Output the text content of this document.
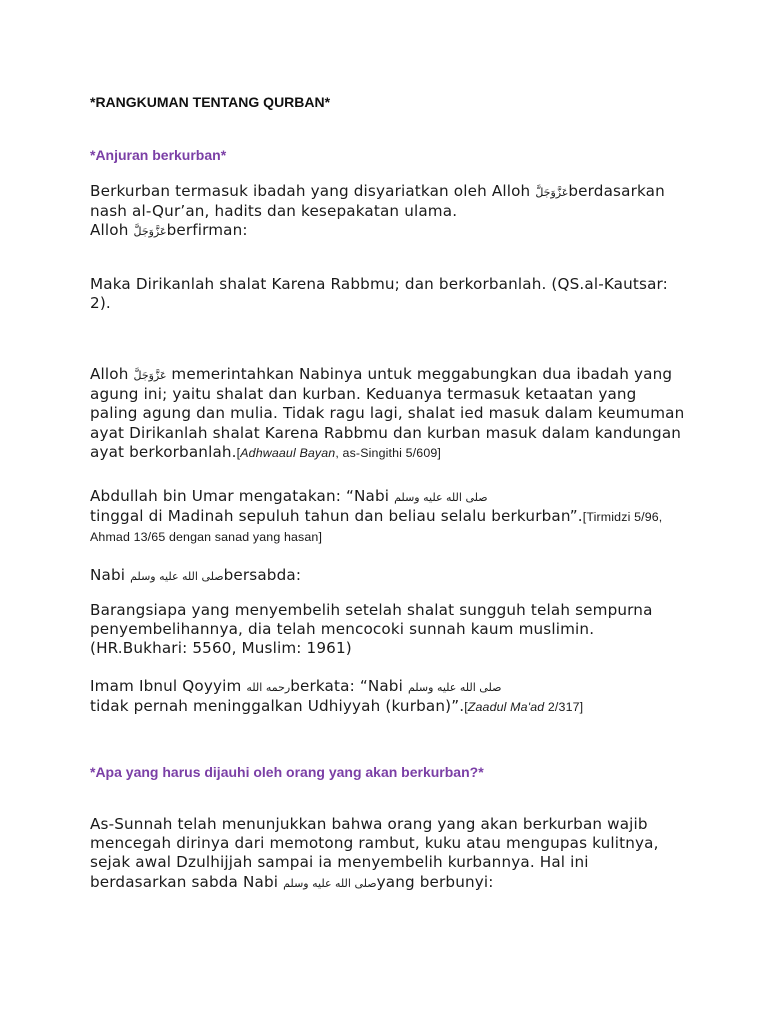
*RANGKUMAN TENTANG QURBAN*
*Anjuran berkurban*

Berkurban termasuk ibadah yang disyariatkan oleh Alloh عَزَّوَجَلَّberdasarkan
nash al-Qur’an, hadits dan kesepakatan ulama.
Alloh عَزَّوَجَلَّberfirman:

Maka Dirikanlah shalat Karena Rabbmu; dan berkorbanlah. (QS.al-Kautsar:
2).

Alloh عَزَّوَجَلَّ memerintahkan Nabinya untuk meggabungkan dua ibadah yang
agung ini; yaitu shalat dan kurban. Keduanya termasuk ketaatan yang
paling agung dan mulia. Tidak ragu lagi, shalat ied masuk dalam keumuman
ayat Dirikanlah shalat Karena Rabbmu dan kurban masuk dalam kandungan
ayat berkorbanlah.[Adhwaaul Bayan, as-Singithi 5/609]

Abdullah bin Umar mengatakan: “Nabi صلى الله عليه وسلم
tinggal di Madinah sepuluh tahun dan beliau selalu berkurban”.[Tirmidzi 5/96,
Ahmad 13/65 dengan sanad yang hasan]

Nabi صلى الله عليه وسلمbersabda:

Barangsiapa yang menyembelih setelah shalat sungguh telah sempurna
penyembelihannya, dia telah mencocoki sunnah kaum muslimin.
(HR.Bukhari: 5560, Muslim: 1961)

Imam Ibnul Qoyyim رحمه اللهberkata: “Nabi صلى الله عليه وسلم
tidak pernah meninggalkan Udhiyyah (kurban)”.[Zaadul Ma'ad 2/317]

*Apa yang harus dijauhi oleh orang yang akan berkurban?*

As-Sunnah telah menunjukkan bahwa orang yang akan berkurban wajib
mencegah dirinya dari memotong rambut, kuku atau mengupas kulitnya,
sejak awal Dzulhijjah sampai ia menyembelih kurbannya. Hal ini
berdasarkan sabda Nabi صلى الله عليه وسلمyang berbunyi:
